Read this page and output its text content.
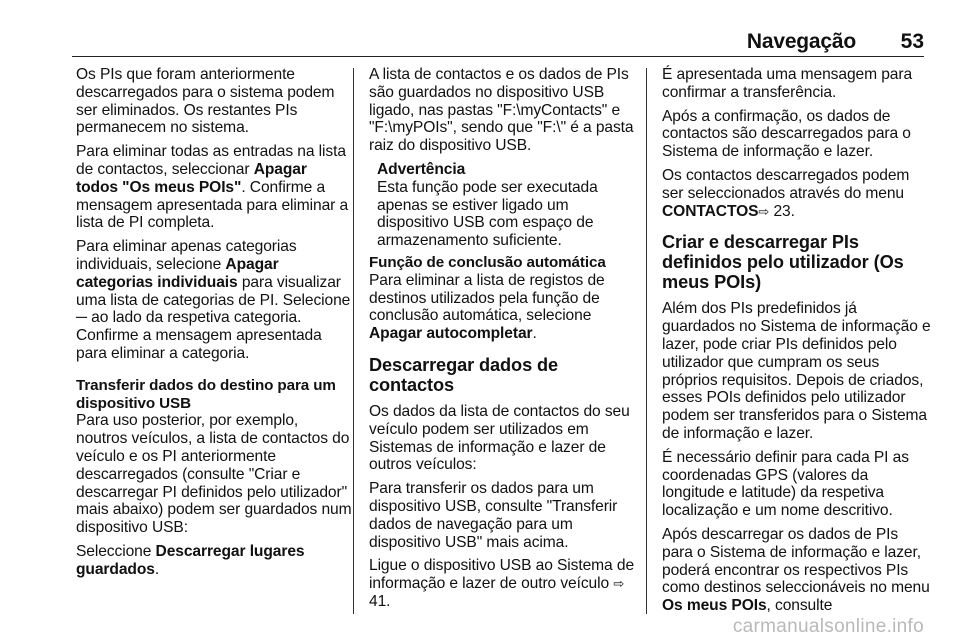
Navegação 53

Os PIs que foram anteriormente descarregados para o sistema podem ser eliminados. Os restantes PIs permanecem no sistema.

Para eliminar todas as entradas na lista de contactos, seleccionar Apagar todos "Os meus POIs". Confirme a mensagem apresentada para eliminar a lista de PI completa.

Para eliminar apenas categorias individuais, selecione Apagar categorias individuais para visualizar uma lista de categorias de PI. Selecione ─ ao lado da respetiva categoria. Confirme a mensagem apresentada para eliminar a categoria.

Transferir dados do destino para um dispositivo USB

Para uso posterior, por exemplo, noutros veículos, a lista de contactos do veículo e os PI anteriormente descarregados (consulte "Criar e descarregar PI definidos pelo utilizador" mais abaixo) podem ser guardados num dispositivo USB:

Seleccione Descarregar lugares guardados.

A lista de contactos e os dados de PIs são guardados no dispositivo USB ligado, nas pastas "F:\myContacts" e "F:\myPOIs", sendo que "F:\" é a pasta raiz do dispositivo USB.

Advertência
Esta função pode ser executada apenas se estiver ligado um dispositivo USB com espaço de armazenamento suficiente.
Função de conclusão automática

Para eliminar a lista de registos de destinos utilizados pela função de conclusão automática, selecione Apagar autocompletar.

Descarregar dados de contactos

Os dados da lista de contactos do seu veículo podem ser utilizados em Sistemas de informação e lazer de outros veículos:

Para transferir os dados para um dispositivo USB, consulte "Transferir dados de navegação para um dispositivo USB" mais acima.

Ligue o dispositivo USB ao Sistema de informação e lazer de outro veículo ⇨ 41.

É apresentada uma mensagem para confirmar a transferência.

Após a confirmação, os dados de contactos são descarregados para o Sistema de informação e lazer.

Os contactos descarregados podem ser seleccionados através do menu CONTACTOS⇨ 23.

Criar e descarregar PIs definidos pelo utilizador (Os meus POIs)

Além dos PIs predefinidos já guardados no Sistema de informação e lazer, pode criar PIs definidos pelo utilizador que cumpram os seus próprios requisitos. Depois de criados, esses POIs definidos pelo utilizador podem ser transferidos para o Sistema de informação e lazer.

É necessário definir para cada PI as coordenadas GPS (valores da longitude e latitude) da respetiva localização e um nome descritivo.

Após descarregar os dados de PIs para o Sistema de informação e lazer, poderá encontrar os respectivos PIs como destinos seleccionáveis no menu Os meus POIs, consulte

carmanualsonline.info
